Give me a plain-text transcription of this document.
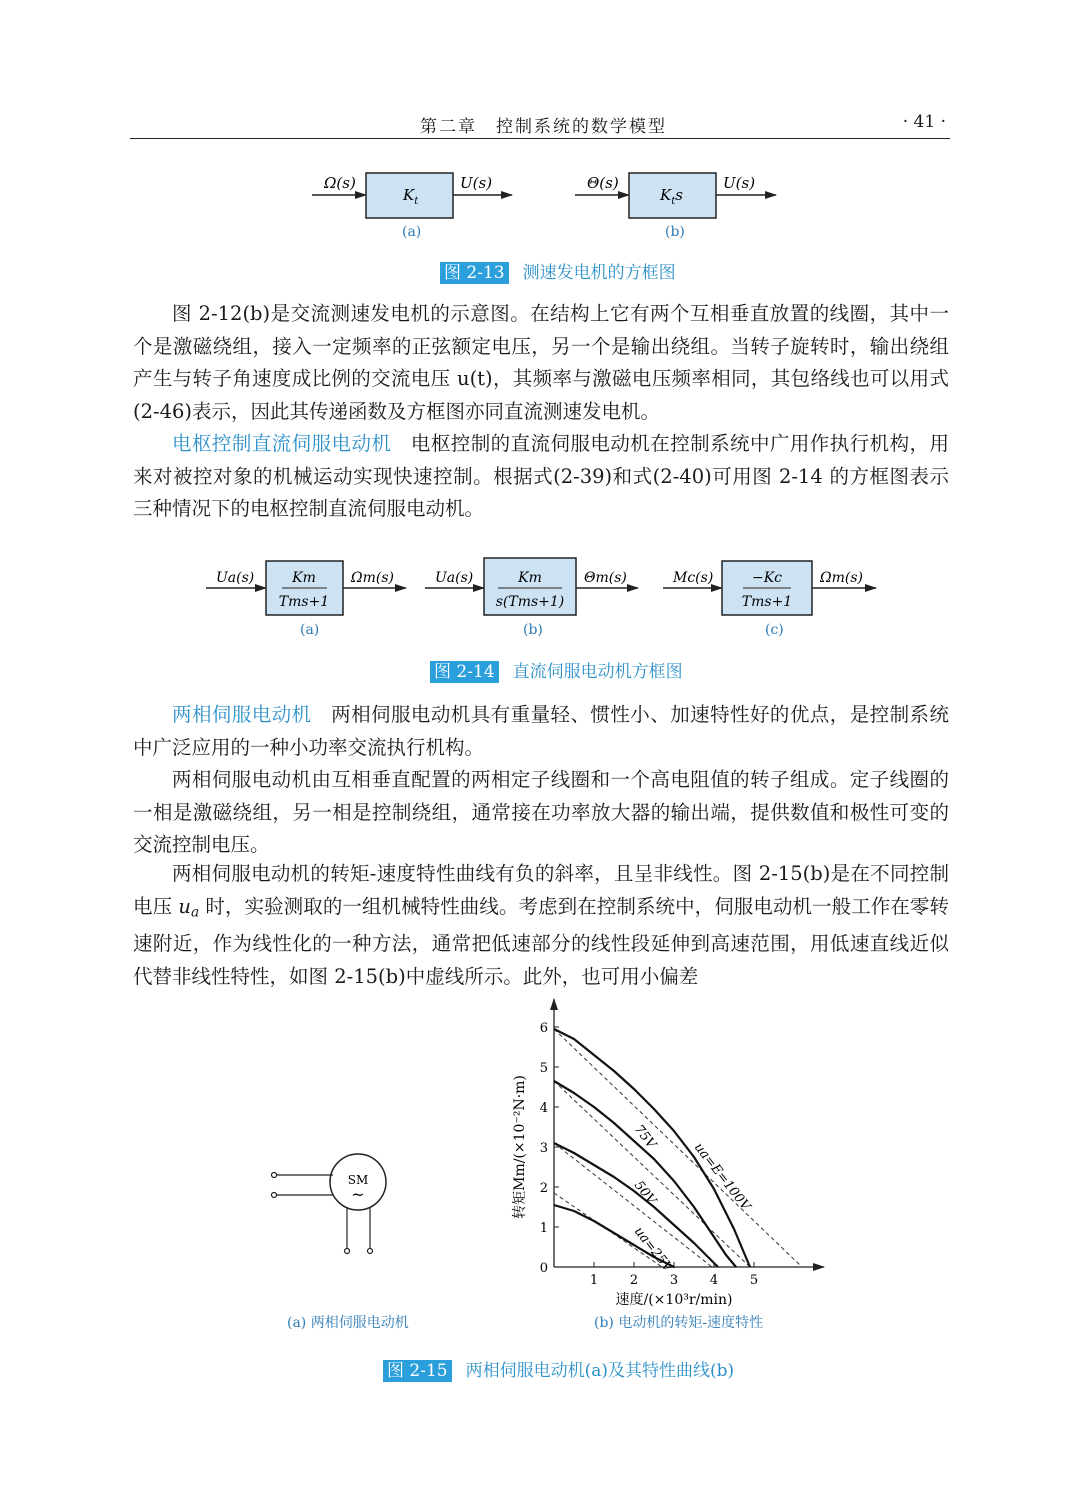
第二章　控制系统的数学模型	· 41 ·
Ω(s)
$K_t$
U(s)
(a)
Θ(s)
$K_ts$
U(s)
(b)
图 2-13 测速发电机的方框图
图 2-12(b)是交流测速发电机的示意图。在结构上它有两个互相垂直放置的线圈，其中一个是激磁绕组，接入一定频率的正弦额定电压，另一个是输出绕组。当转子旋转时，输出绕组产生与转子角速度成比例的交流电压 u(t)，其频率与激磁电压频率相同，其包络线也可以用式(2-46)表示，因此其传递函数及方框图亦同直流测速发电机。
电枢控制直流伺服电动机 电枢控制的直流伺服电动机在控制系统中广用作执行机构，用来对被控对象的机械运动实现快速控制。根据式(2-39)和式(2-40)可用图 2-14 的方框图表示三种情况下的电枢控制直流伺服电动机。
Ua(s)	Km
Tms+1
Ωm(s)
(a)
Ua(s)	Km
s(Tms+1)
Θm(s)
(b)
Mc(s)	−Kc
Tms+1
Ωm(s)
(c)
图 2-14 直流伺服电动机方框图
两相伺服电动机 两相伺服电动机具有重量轻、惯性小、加速特性好的优点，是控制系统中广泛应用的一种小功率交流执行机构。
两相伺服电动机由互相垂直配置的两相定子线圈和一个高电阻值的转子组成。定子线圈的一相是激磁绕组，另一相是控制绕组，通常接在功率放大器的输出端，提供数值和极性可变的交流控制电压。
两相伺服电动机的转矩-速度特性曲线有负的斜率，且呈非线性。图 2-15(b)是在不同控制电压 $u_a$ 时，实验测取的一组机械特性曲线。考虑到在控制系统中，伺服电动机一般工作在零转速附近，作为线性化的一种方法，通常把低速部分的线性段延伸到高速范围，用低速直线近似代替非线性特性，如图 2-15(b)中虚线所示。此外，也可用小偏差
SM
~
1 2 3 4 5
1
2
3
4
5
6
ua=E=100V
75V
50V
ua=25V
速度/(×10³r/min)
转矩Mm/(×10⁻²N·m)
0
(a) 两相伺服电动机	(b) 电动机的转矩-速度特性
图 2-15 两相伺服电动机(a)及其特性曲线(b)
